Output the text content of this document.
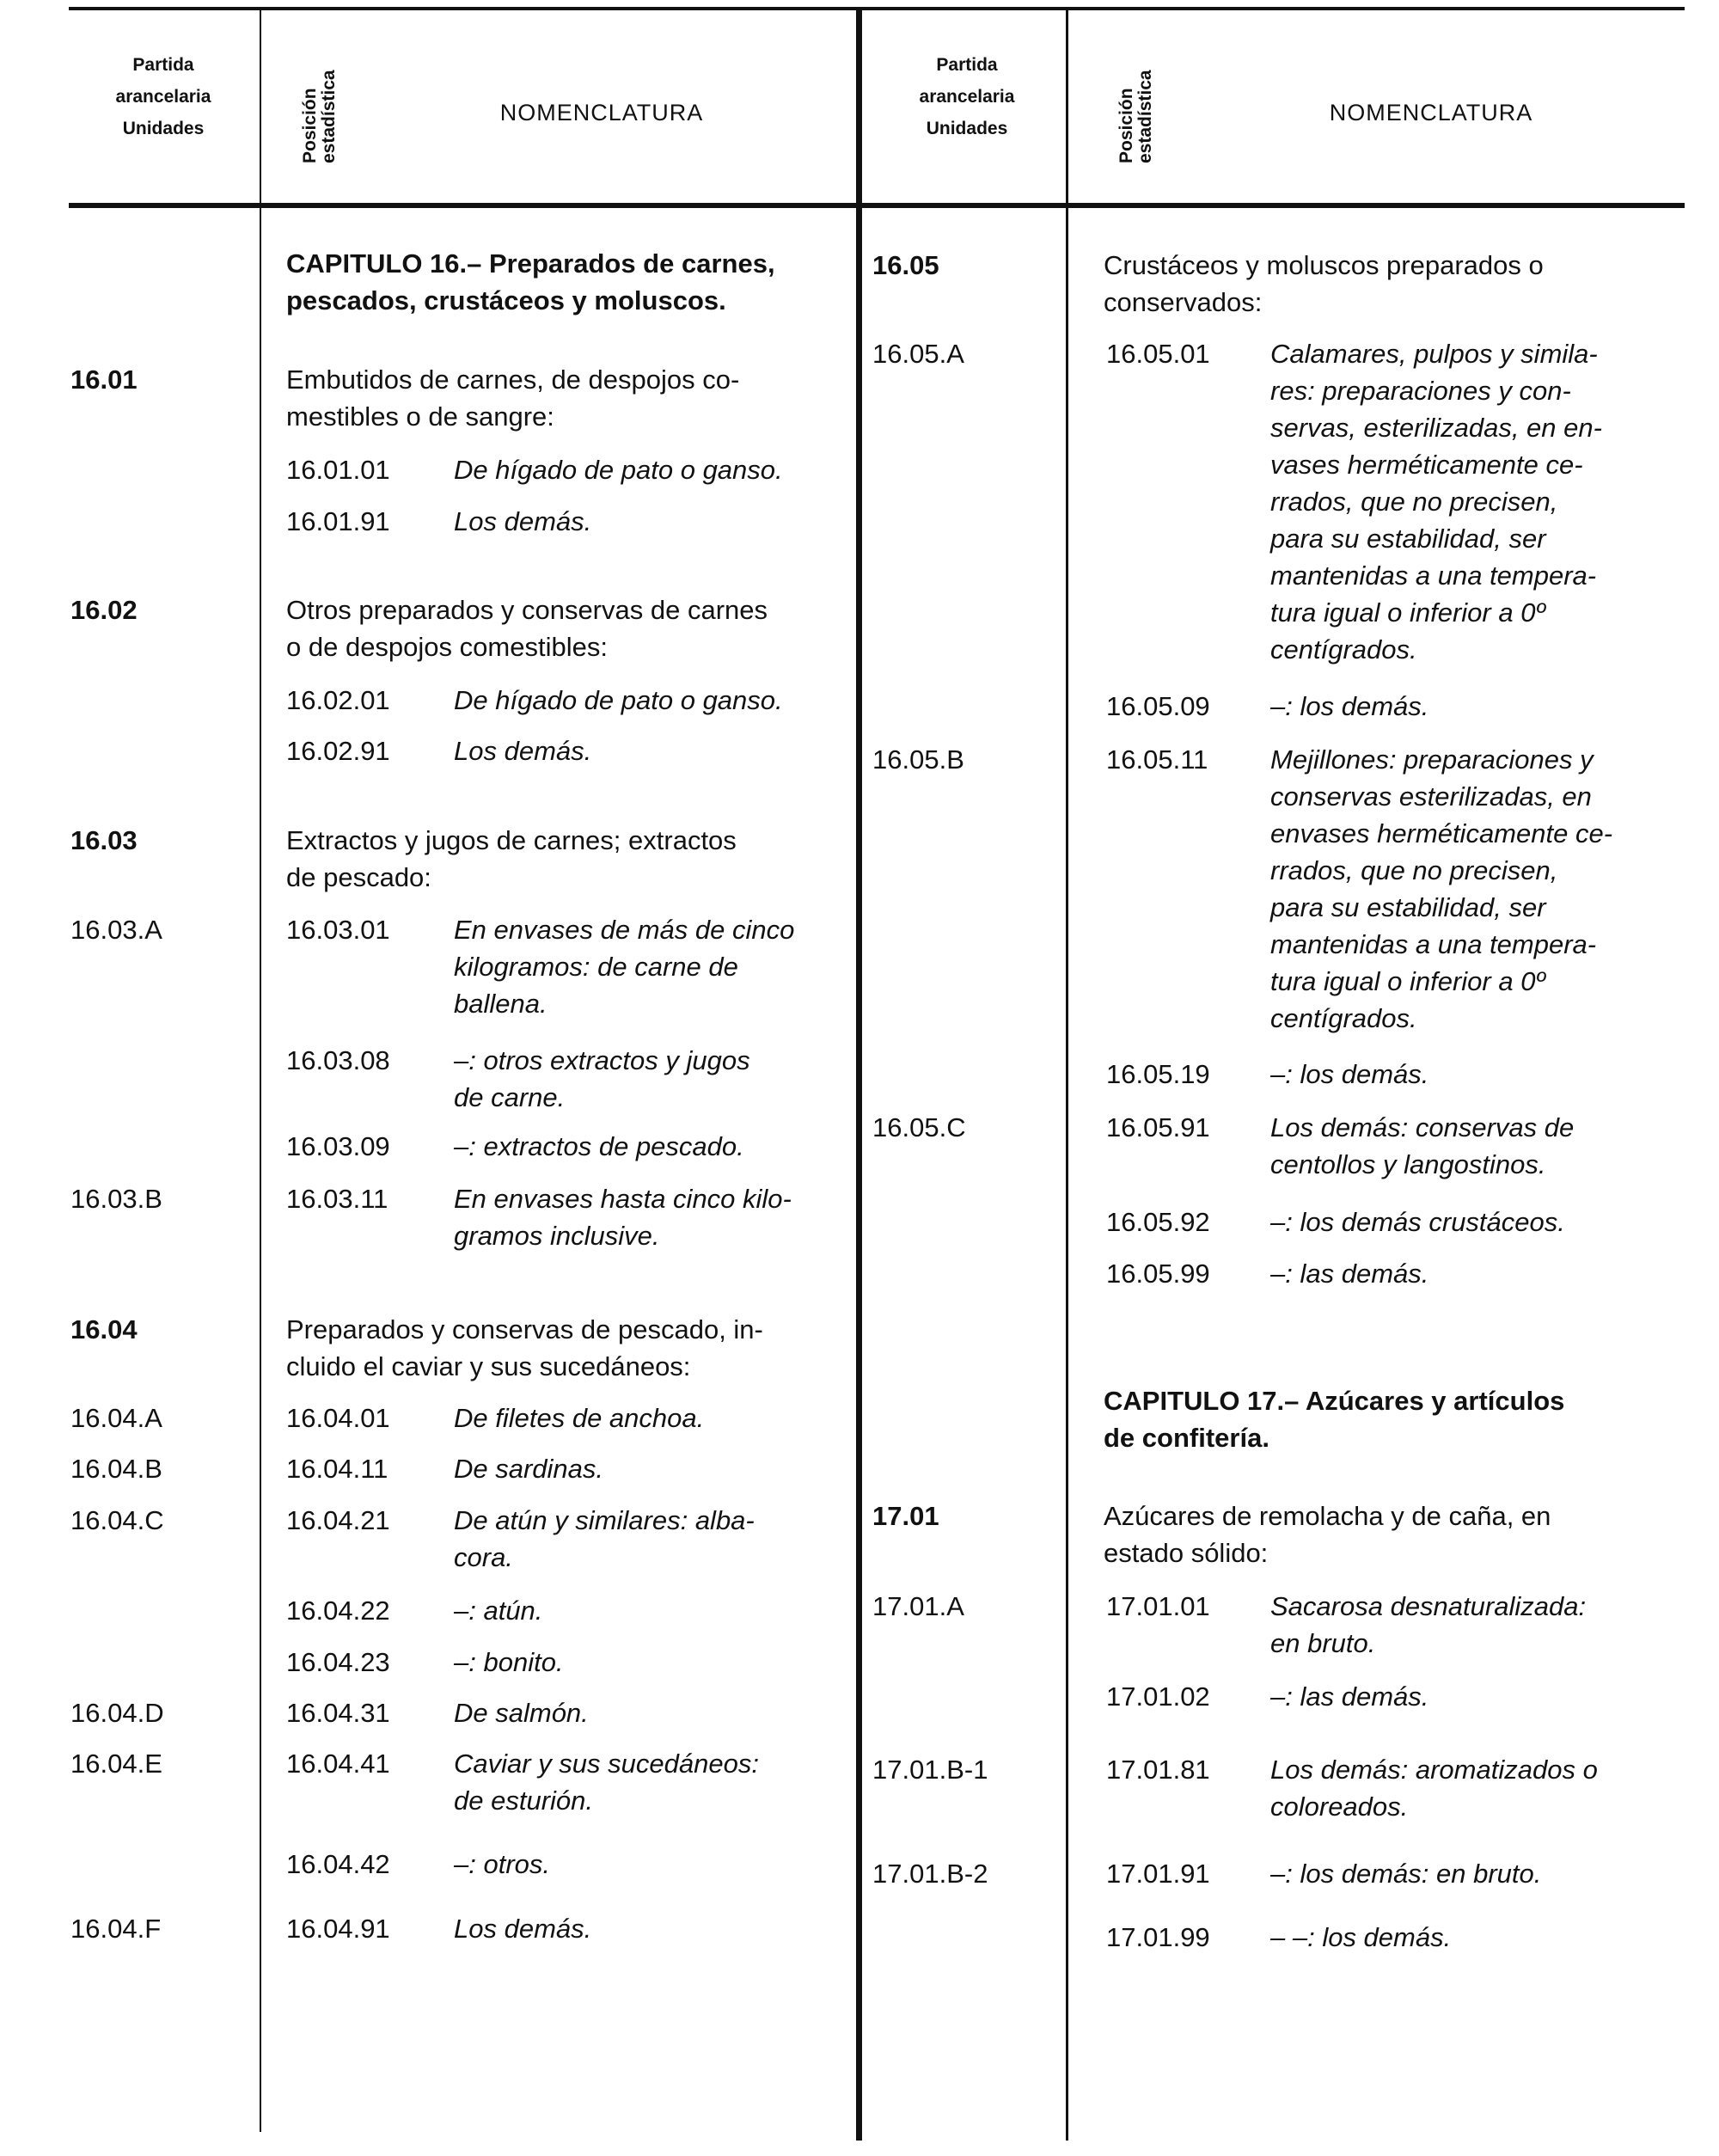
Partida
arancelaria
Unidades	Posición estadística	NOMENCLATURA
Partida
arancelaria
Unidades	Posición estadística	NOMENCLATURA
CAPITULO 16.– Preparados de carnes,
pescados, crustáceos y moluscos.
16.01	Embutidos de carnes, de despojos co-
mestibles o de sangre:
16.01.01 De hígado de pato o ganso.
16.01.91 Los demás.
16.02	Otros preparados y conservas de carnes
o de despojos comestibles:
16.02.01 De hígado de pato o ganso.
16.02.91 Los demás.
16.03	Extractos y jugos de carnes; extractos
de pescado:
16.03.A	16.03.01 En envases de más de cinco
kilogramos: de carne de
ballena.
16.03.08 –: otros extractos y jugos
de carne.
16.03.09 –: extractos de pescado.
16.03.B	16.03.11 En envases hasta cinco kilo-
gramos inclusive.
16.04	Preparados y conservas de pescado, in-
cluido el caviar y sus sucedáneos:
16.04.A	16.04.01 De filetes de anchoa.
16.04.B	16.04.11 De sardinas.
16.04.C	16.04.21 De atún y similares: alba-
cora.
16.04.22 –: atún.
16.04.23 –: bonito.
16.04.D	16.04.31 De salmón.
16.04.E	16.04.41 Caviar y sus sucedáneos:
de esturión.
16.04.42 –: otros.
16.04.F	16.04.91 Los demás.
16.05	Crustáceos y moluscos preparados o
conservados:
16.05.A	16.05.01 Calamares, pulpos y simila-
res: preparaciones y con-
servas, esterilizadas, en en-
vases herméticamente ce-
rrados, que no precisen,
para su estabilidad, ser
mantenidas a una tempera-
tura igual o inferior a 0º
centígrados.
16.05.09 –: los demás.
16.05.B	16.05.11 Mejillones: preparaciones y
conservas esterilizadas, en
envases herméticamente ce-
rrados, que no precisen,
para su estabilidad, ser
mantenidas a una tempera-
tura igual o inferior a 0º
centígrados.
16.05.19 –: los demás.
16.05.C	16.05.91 Los demás: conservas de
centollos y langostinos.
16.05.92 –: los demás crustáceos.
16.05.99 –: las demás.
CAPITULO 17.– Azúcares y artículos
de confitería.
17.01	Azúcares de remolacha y de caña, en
estado sólido:
17.01.A	17.01.01 Sacarosa desnaturalizada:
en bruto.
17.01.02 –: las demás.
17.01.B-1	17.01.81 Los demás: aromatizados o
coloreados.
17.01.B-2	17.01.91 –: los demás: en bruto.
17.01.99 – –: los demás.
